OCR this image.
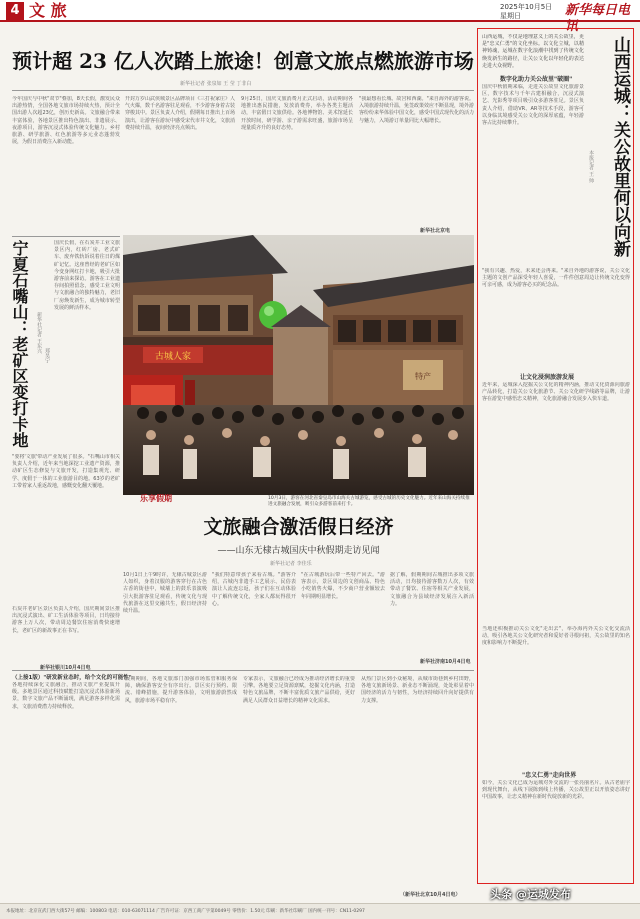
4 文 旅	2025年10月5日
星期日	新华每日电讯
预计超 23 亿人次踏上旅途！创意文旅点燃旅游市场
新华社记者 张泉如 王 莹 丁非白
今年国庆与中秋"双节"叠加，8天长假，激发民众出游热情，全国各地文旅市场持续火热，预计全国出游人次超23亿，创历史新高。文旅融合带来丰富体验，各地景区推出特色演出、非遗展示、夜游项目，游客沉浸式体验传统文化魅力。乡村旅游、研学旅游、红色旅游等多元业态蓬勃发展，为假日消费注入新动能。
开封万岁山武侠城景区品牌项目《三打祝家庄》人气火爆，数千名游客驻足观看，不少游客身着古装穿梭其中。景区负责人介绍，假期每日推出上百场演出，让游客在游玩中感受宋代市井文化，文旅消费持续升温，夜间经济亮点频出。
9月25日，国庆文旅消费月正式启动，活动期间各地推出惠民措施，发放消费券，举办各类主题活动，丰富假日文旅供给。各地博物馆、美术馆延长开放时间，研学游、亲子游需求旺盛，旅游市场呈现量质齐升的良好态势。
"我最想看长城、故宫和西湖。"来自海外的游客说。入境旅游持续升温，免签政策效应不断显现，境外游客纷纷来华体验中国文化，感受中国式现代化的活力与魅力，入境游订单量同比大幅增长。
新华社北京电
宁夏石嘴山：老矿区变打卡地 新华社记者 王东兴
郑昊宁
国庆长假，在石炭井工业文旅景区内，红砖厂房、老式矿车、废弃铁轨诉说着往日的煤矿记忆。这座曾经的老矿区如今变身网红打卡地，吸引大批游客前来探访。游客在工业遗存间拍照留念，感受工业文明与文旅融合的独特魅力，老旧厂房焕发新生，成为城市转型发展的鲜活样本。
"要将'文旅'带动产业发展了很多。"石嘴山市相关负责人介绍，近年来当地深挖工业遗产资源，推动矿区生态修复与文旅开发，打造集观光、研学、度假于一体的工业旅游目的地。63岁的老矿工带着家人重返故地，感慨变化翻天覆地。
石炭井老矿区景区负责人介绍，国庆期间景区推出沉浸式演出、矿工生活体验等项目，日均接待游客上万人次，带动周边餐饮住宿消费快速增长，老矿区的新故事正在书写。
新华社银川10月4日电
古城人家
特产
乐享假期	10月3日，游客在河北省秦皇岛市山海关古城游览，感受古城的历史文化魅力。近年来山海关持续推进文旅融合发展，吸引众多游客前来打卡。
文旅融合激活假日经济
——山东无棣古城国庆中秋假期走访见闻
新华社记者 李佳乐
10月1日上午9时许，无棣古城景区游人如织，身着汉服的游客穿行在古色古香的街巷中，城墙上的鼓乐表演吸引大批游客驻足观看，传统文化与现代旅游在这里交融共生，假日经济持续升温。
"我们特意带孩子来看古城。"游客介绍，古城内非遗手工艺展示、民俗表演让人流连忘返，孩子们在互动体验中了解传统文化，全家人都玩得很开心。
"在古城游玩后带一些特产回去。"游客表示，景区周边的文创商品、特色小吃销售火爆，不少商户营业额较去年同期明显增长。
据了解，假期期间古城推出多项文旅活动，日均接待游客数万人次，有效带动了餐饮、住宿等相关产业发展，文旅融合为县域经济发展注入新活力。
新华社济南10月4日电
（上接1版）"研发新业态时，给个文化的可能性"
各地持续深化文旅融合，推动文旅产业提质升级。多地景区通过科技赋能打造沉浸式体验新场景，数字文旅产品不断涌现，满足游客多样化需求，文旅消费潜力持续释放。
假期期间，各地文旅部门加强市场监管和服务保障，确保游客安全有序出行。景区实行预约、限流、错峰措施，提升游客体验，文明旅游蔚然成风，旅游市场平稳有序。
专家表示，文旅融合已经成为推动经济增长的重要引擎。各地要立足资源禀赋，挖掘文化内涵，打造特色文旅品牌，不断丰富优质文旅产品供给，更好满足人民群众日益增长的精神文化需求。
从热门景区到小众秘境，从城市街巷到乡村田野，各地文旅新场景、新业态不断涌现，处处彰显着中国经济的活力与韧性，为经济持续回升向好提供有力支撑。
（新华社北京10月4日电）
山西运城：关公故里何以向新
本报记者 王 帅
山西运城，不仅是地理意义上的关公故里，更是"忠义仁勇"的文化坐标。以文化立城，以精神铸魂，运城在数字化浪潮中找到了传统文化焕发新生的路径，让关公文化以年轻化的表达走进大众视野。
数字化助力关公故里"破圈"
国庆中秋假期来临，走进关公故里文化旅游景区，数字技术与千年古建相融合，沉浸式演艺、光影秀等项目吸引众多游客驻足。景区负责人介绍，借助VR、AR等技术手段，游客可以身临其境感受关公文化的深厚底蕴，年轻游客占比持续攀升。
"我有兴趣、热爱，未来还会再来。"来自外地的游客说，关公文化主题的文创产品深受年轻人喜爱，一件件创意周边让传统文化变得可亲可感，成为游客必买的纪念品。
让文化浸润旅游发展
近年来，运城深入挖掘关公文化的精神内涵，推动文化资源向旅游产品转化，打造关公文化旅游节、关公文化研学线路等品牌，让游客在游览中感悟忠义精神，文化旅游融合发展步入快车道。
当地还积极推动关公文化"走出去"，举办海内外关公文化交流活动，吸引各地关公文化研究者和爱好者寻根问祖，关公故里的知名度和影响力不断提升。
"忠义仁勇"走向世界
如今，关公文化已成为运城对外交流的一张亮丽名片。从古老庙宇到现代舞台，从线下展陈到线上传播，关公故里正以开放姿态讲好中国故事，让忠义精神在新时代绽放新的光彩。
本报地址：北京宣武门西大街57号 邮编：100803 电话：010-63071114 广告许可证：京西工商广字第0049号 零售价：1.50元 印刷：新华社印刷厂 国内统一刊号：CN11-0297
头条 @运城发布
